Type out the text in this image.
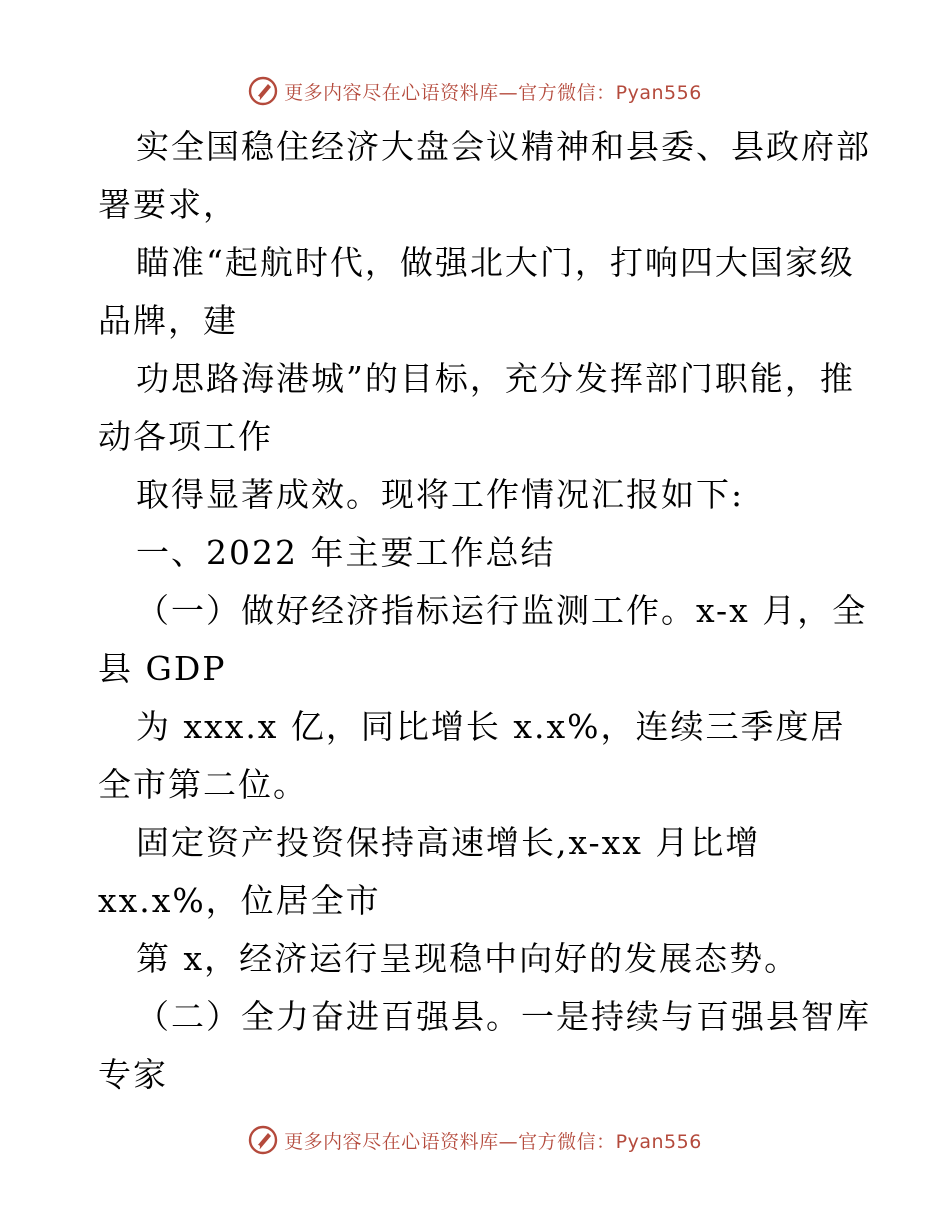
更多内容尽在心语资料库—官方微信：Pyan556
实全国稳住经济大盘会议精神和县委、县政府部
署要求，
瞄准“起航时代，做强北大门，打响四大国家级
品牌，建
功思路海港城”的目标，充分发挥部门职能，推
动各项工作
取得显著成效。现将工作情况汇报如下:
一、2022 年主要工作总结
（一）做好经济指标运行监测工作。x-x 月，全
县 GDP
为 xxx.x 亿，同比增长 x.x%，连续三季度居
全市第二位。
固定资产投资保持高速增长,x-xx 月比增
xx.x%，位居全市
第 x，经济运行呈现稳中向好的发展态势。
（二）全力奋进百强县。一是持续与百强县智库
专家
更多内容尽在心语资料库—官方微信：Pyan556
